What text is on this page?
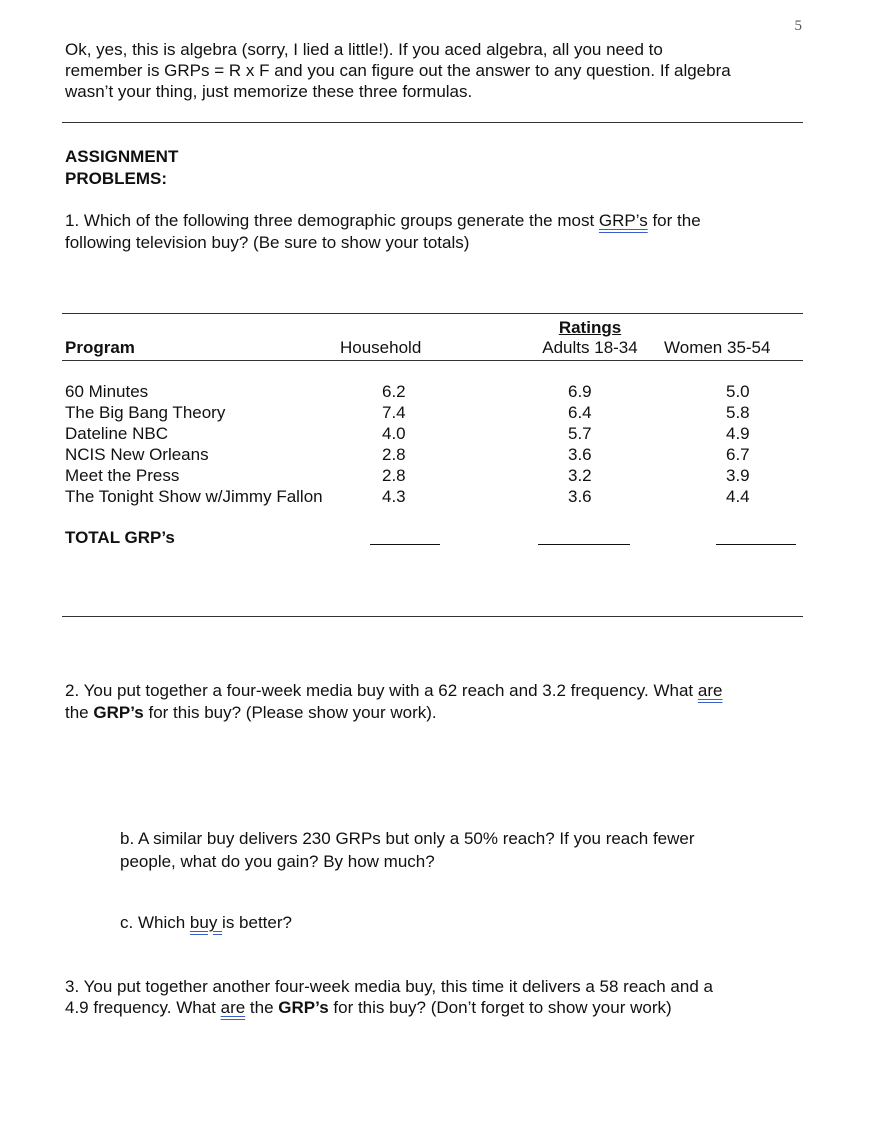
5
Ok, yes, this is algebra (sorry, I lied a little!). If you aced algebra, all you need to
remember is GRPs = R x F and you can figure out the answer to any question. If algebra
wasn’t your thing, just memorize these three formulas.
ASSIGNMENT
PROBLEMS:
1. Which of the following three demographic groups generate the most GRP’s for the
following television buy? (Be sure to show your totals)
Ratings
Program	Household	Adults 18-34	Women 35-54
60 Minutes	6.2	6.9	5.0
The Big Bang Theory	7.4	6.4	5.8
Dateline NBC	4.0	5.7	4.9
NCIS New Orleans	2.8	3.6	6.7
Meet the Press	2.8	3.2	3.9
The Tonight Show w/Jimmy Fallon	4.3	3.6	4.4
TOTAL GRP’s
2. You put together a four-week media buy with a 62 reach and 3.2 frequency. What are
the GRP’s for this buy? (Please show your work).
b. A similar buy delivers 230 GRPs but only a 50% reach? If you reach fewer
people, what do you gain? By how much?
c. Which buy is better?
3. You put together another four-week media buy, this time it delivers a 58 reach and a
4.9 frequency. What are the GRP’s for this buy? (Don’t forget to show your work)
